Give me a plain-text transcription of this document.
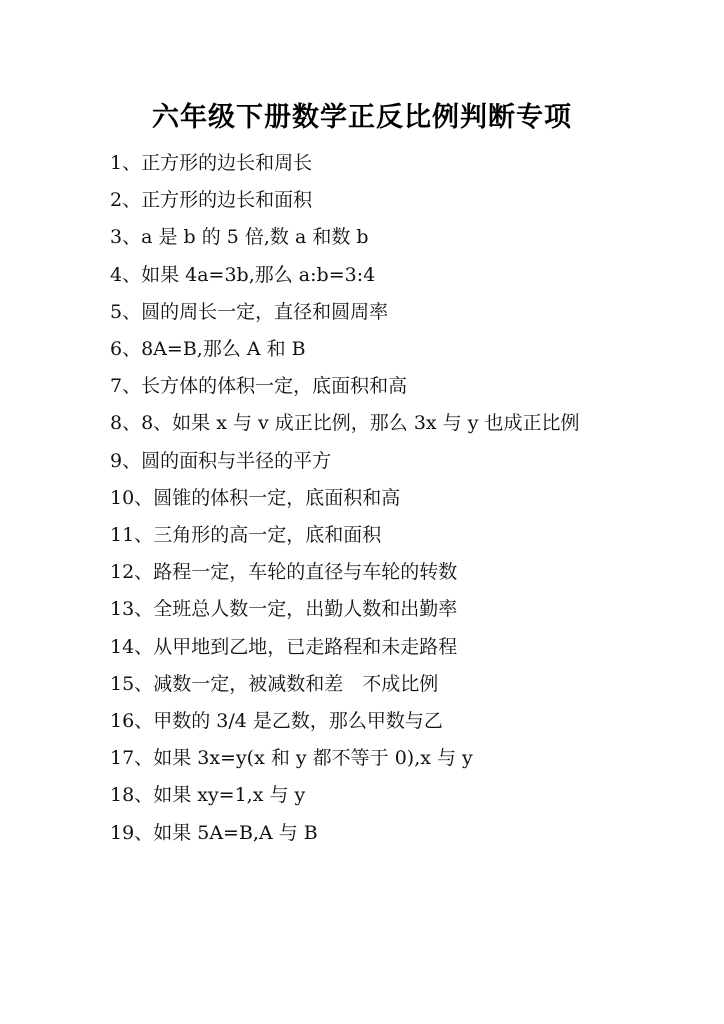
六年级下册数学正反比例判断专项

1、正方形的边长和周长

2、正方形的边长和面积

3、a 是 b 的 5 倍,数 a 和数 b

4、如果 4a=3b,那么 a:b=3:4

5、圆的周长一定，直径和圆周率

6、8A=B,那么 A 和 B

7、长方体的体积一定，底面积和高

8、8、如果 x 与 v 成正比例，那么 3x 与 y 也成正比例

9、圆的面积与半径的平方

10、圆锥的体积一定，底面积和高

11、三角形的高一定，底和面积

12、路程一定，车轮的直径与车轮的转数

13、全班总人数一定，出勤人数和出勤率

14、从甲地到乙地，已走路程和未走路程

15、减数一定，被减数和差　不成比例

16、甲数的 3/4 是乙数，那么甲数与乙

17、如果 3x=y(x 和 y 都不等于 0),x 与 y

18、如果 xy=1,x 与 y

19、如果 5A=B,A 与 B
